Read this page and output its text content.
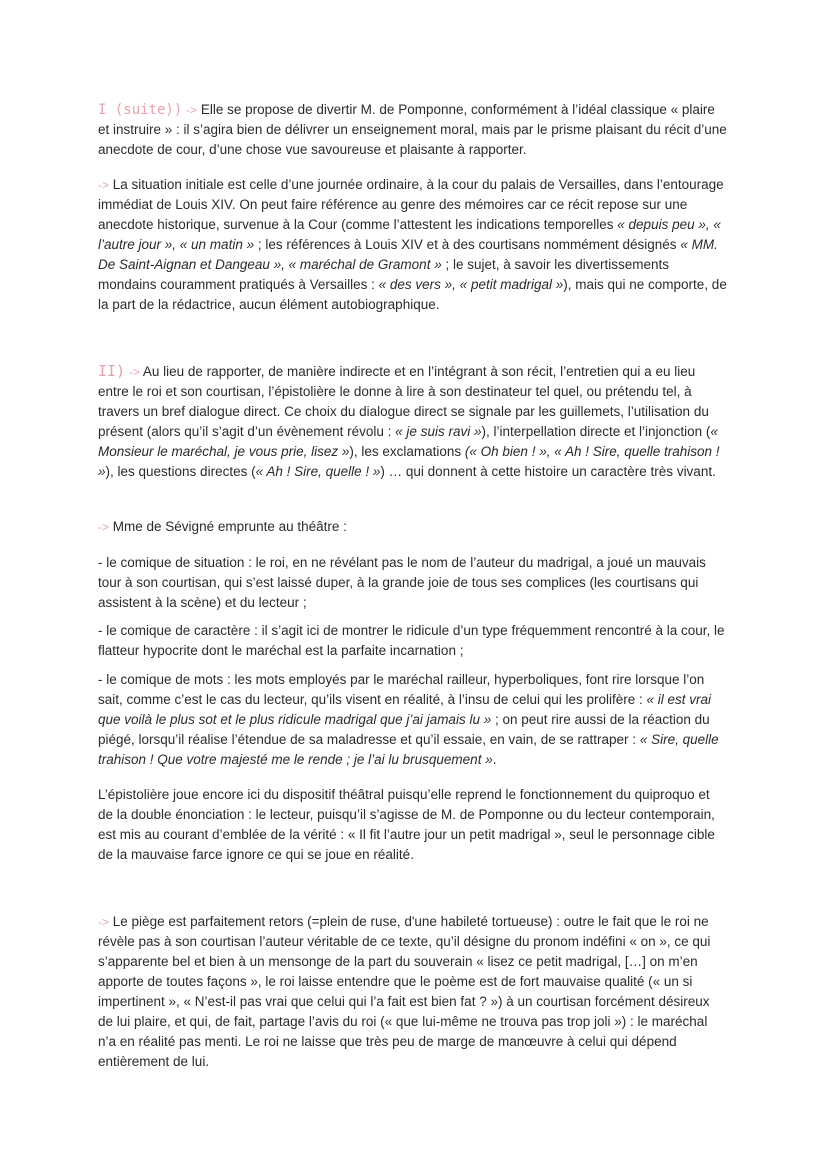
I (suite)) -> Elle se propose de divertir M. de Pomponne, conformément à l’idéal classique « plaire et instruire » : il s’agira bien de délivrer un enseignement moral, mais par le prisme plaisant du récit d’une anecdote de cour, d’une chose vue savoureuse et plaisante à rapporter.

-> La situation initiale est celle d’une journée ordinaire, à la cour du palais de Versailles, dans l’entourage immédiat de Louis XIV. On peut faire référence au genre des mémoires car ce récit repose sur une anecdote historique, survenue à la Cour (comme l’attestent les indications temporelles « depuis peu », « l’autre jour », « un matin » ; les références à Louis XIV et à des courtisans nommément désignés « MM. De Saint-Aignan et Dangeau », « maréchal de Gramont » ; le sujet, à savoir les divertissements mondains couramment pratiqués à Versailles : « des vers », « petit madrigal »), mais qui ne comporte, de la part de la rédactrice, aucun élément autobiographique.

II) -> Au lieu de rapporter, de manière indirecte et en l’intégrant à son récit, l’entretien qui a eu lieu entre le roi et son courtisan, l’épistolière le donne à lire à son destinateur tel quel, ou prétendu tel, à travers un bref dialogue direct. Ce choix du dialogue direct se signale par les guillemets, l’utilisation du présent (alors qu’il s’agit d’un évènement révolu : « je suis ravi »), l’interpellation directe et l’injonction (« Monsieur le maréchal, je vous prie, lisez »), les exclamations (« Oh bien ! », « Ah ! Sire, quelle trahison ! »), les questions directes (« Ah ! Sire, quelle ! ») … qui donnent à cette histoire un caractère très vivant.

-> Mme de Sévigné emprunte au théâtre :

- le comique de situation : le roi, en ne révélant pas le nom de l’auteur du madrigal, a joué un mauvais tour à son courtisan, qui s’est laissé duper, à la grande joie de tous ses complices (les courtisans qui assistent à la scène) et du lecteur ;

- le comique de caractère : il s’agit ici de montrer le ridicule d’un type fréquemment rencontré à la cour, le flatteur hypocrite dont le maréchal est la parfaite incarnation ;

- le comique de mots : les mots employés par le maréchal railleur, hyperboliques, font rire lorsque l’on sait, comme c’est le cas du lecteur, qu’ils visent en réalité, à l’insu de celui qui les prolifère : « il est vrai que voilà le plus sot et le plus ridicule madrigal que j’ai jamais lu » ; on peut rire aussi de la réaction du piégé, lorsqu’il réalise l’étendue de sa maladresse et qu’il essaie, en vain, de se rattraper : « Sire, quelle trahison ! Que votre majesté me le rende ; je l’ai lu brusquement ».

L’épistolière joue encore ici du dispositif théâtral puisqu’elle reprend le fonctionnement du quiproquo et de la double énonciation : le lecteur, puisqu’il s’agisse de M. de Pomponne ou du lecteur contemporain, est mis au courant d’emblée de la vérité : « Il fit l’autre jour un petit madrigal », seul le personnage cible de la mauvaise farce ignore ce qui se joue en réalité.

-> Le piège est parfaitement retors (=plein de ruse, d'une habileté tortueuse) : outre le fait que le roi ne révèle pas à son courtisan l’auteur véritable de ce texte, qu’il désigne du pronom indéfini « on », ce qui s’apparente bel et bien à un mensonge de la part du souverain « lisez ce petit madrigal, […] on m’en apporte de toutes façons », le roi laisse entendre que le poème est de fort mauvaise qualité (« un si impertinent », « N’est-il pas vrai que celui qui l’a fait est bien fat ? ») à un courtisan forcément désireux de lui plaire, et qui, de fait, partage l’avis du roi (« que lui-même ne trouva pas trop joli ») : le maréchal n’a en réalité pas menti. Le roi ne laisse que très peu de marge de manœuvre à celui qui dépend entièrement de lui.
